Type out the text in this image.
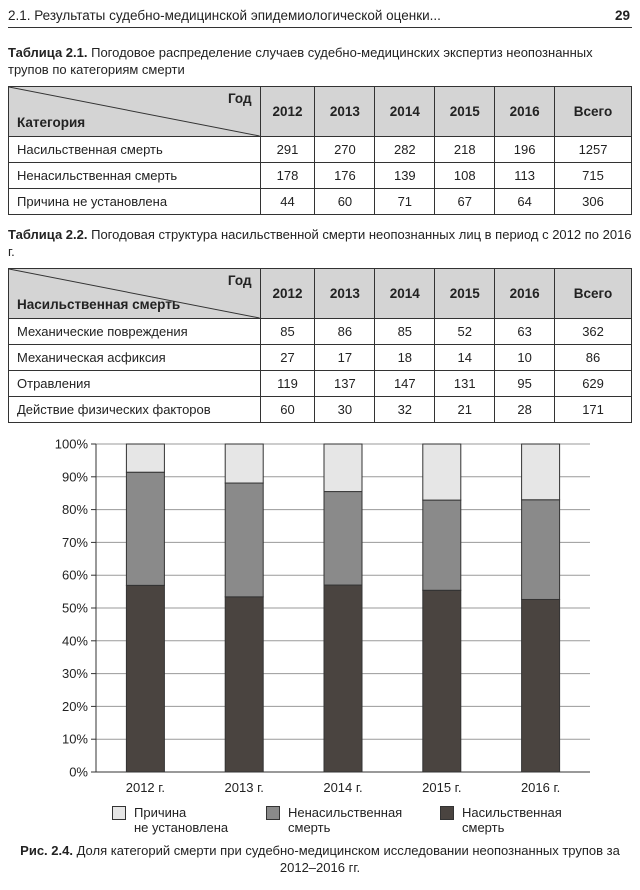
2.1. Результаты судебно-медицинской эпидемиологической оценки...	29
Таблица 2.1. Погодовое распределение случаев судебно-медицинских экспертиз неопознанных трупов по категориям смерти
Год
Категория	2012	2013	2014	2015	2016	Всего
Насильственная смерть	291	270	282	218	196	1257
Ненасильственная смерть	178	176	139	108	113	715
Причина не установлена	44	60	71	67	64	306
Таблица 2.2. Погодовая структура насильственной смерти неопознанных лиц в период с 2012 по 2016 г.
Год
Насильственная смерть	2012	2013	2014	2015	2016	Всего
Механические повреждения	85	86	85	52	63	362
Механическая асфиксия	27	17	18	14	10	86
Отравления	119	137	147	131	95	629
Действие физических факторов	60	30	32	21	28	171
0%
10%
20%
30%
40%
50%
60%
70%
80%
90%
100%
2012 г.	2013 г.	2014 г.	2015 г.	2016 г.
Причина
не установлена
Ненасильственная
смерть
Насильственная
смерть
Рис. 2.4. Доля категорий смерти при судебно-медицинском исследовании неопознанных трупов за 2012–2016 гг.
